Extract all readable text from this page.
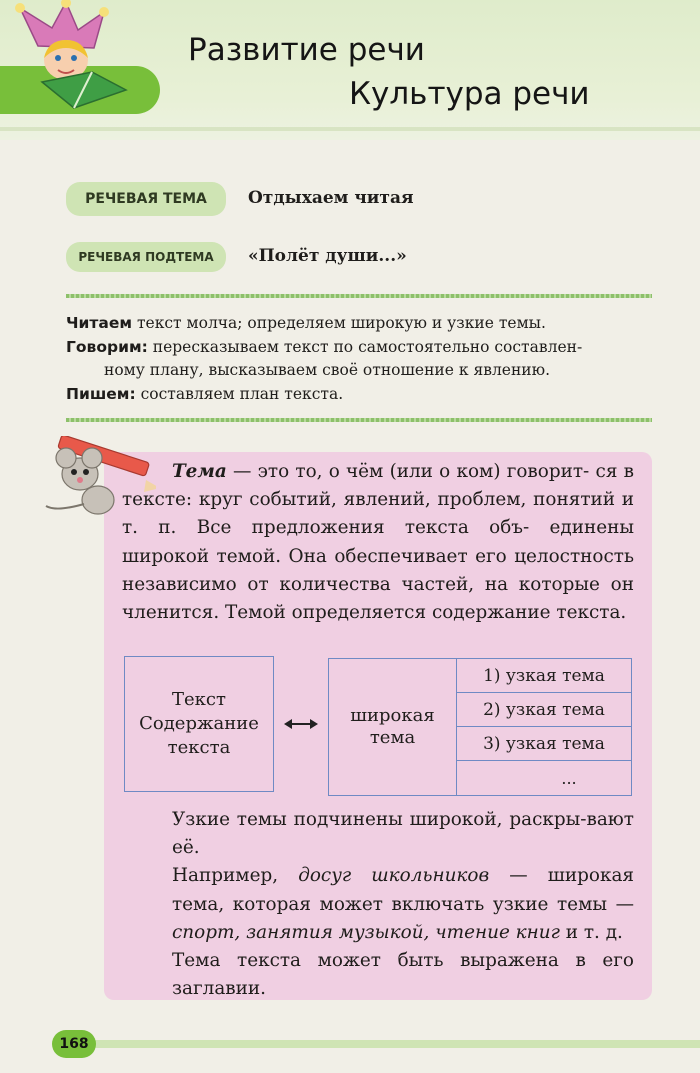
Развитие речи
Культура речи
РЕЧЕВАЯ ТЕМА	Отдыхаем читая
РЕЧЕВАЯ ПОДТЕМА	«Полёт души...»

Читаем текст молча; определяем широкую и узкие темы.

Говорим: пересказываем текст по самостоятельно составлен-

ному плану, высказываем своё отношение к явлению.

Пишем: составляем план текста.

Тема — это то, о чём (или о ком) говорит- ся в тексте: круг событий, явлений, проблем, понятий и т. п. Все предложения текста объ- единены широкой темой. Она обеспечивает его целостность независимо от количества частей, на которые он членится. Темой определяется содержание текста.

Текст
Содержание
текста
широкая
тема
1) узкая тема
2) узкая тема
3) узкая тема
...

Узкие темы подчинены широкой, раскры-вают её.

Например, досуг школьников — широкая тема, которая может включать узкие темы — спорт, занятия музыкой, чтение книг и т. д.

Тема текста может быть выражена в его заглавии.

168
